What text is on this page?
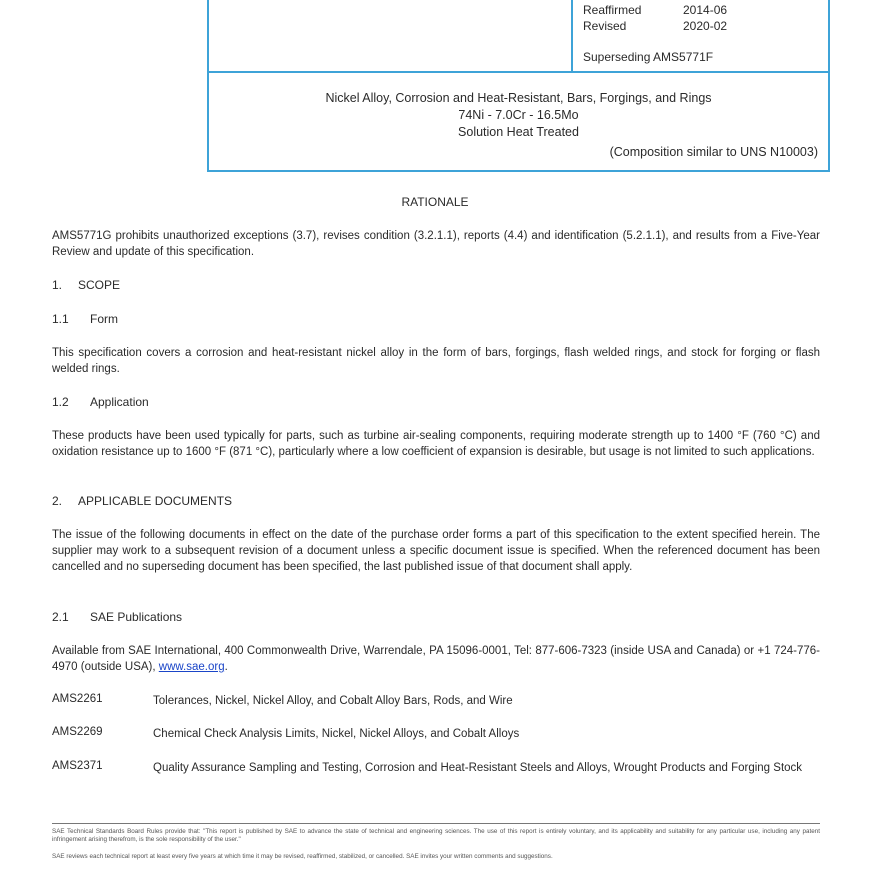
Reaffirmed	2014-06
Revised	2020-02
Superseding AMS5771F
Nickel Alloy, Corrosion and Heat-Resistant, Bars, Forgings, and Rings
74Ni - 7.0Cr - 16.5Mo
Solution Heat Treated
(Composition similar to UNS N10003)
RATIONALE
AMS5771G prohibits unauthorized exceptions (3.7), revises condition (3.2.1.1), reports (4.4) and identification (5.2.1.1), and results from a Five-Year Review and update of this specification.
1. SCOPE
1.1 Form
This specification covers a corrosion and heat-resistant nickel alloy in the form of bars, forgings, flash welded rings, and stock for forging or flash welded rings.
1.2 Application
These products have been used typically for parts, such as turbine air-sealing components, requiring moderate strength up to 1400 °F (760 °C) and oxidation resistance up to 1600 °F (871 °C), particularly where a low coefficient of expansion is desirable, but usage is not limited to such applications.
2. APPLICABLE DOCUMENTS
The issue of the following documents in effect on the date of the purchase order forms a part of this specification to the extent specified herein. The supplier may work to a subsequent revision of a document unless a specific document issue is specified. When the referenced document has been cancelled and no superseding document has been specified, the last published issue of that document shall apply.
2.1 SAE Publications
Available from SAE International, 400 Commonwealth Drive, Warrendale, PA 15096-0001, Tel: 877-606-7323 (inside USA and Canada) or +1 724-776-4970 (outside USA), www.sae.org.
AMS2261	Tolerances, Nickel, Nickel Alloy, and Cobalt Alloy Bars, Rods, and Wire
AMS2269	Chemical Check Analysis Limits, Nickel, Nickel Alloys, and Cobalt Alloys
AMS2371	Quality Assurance Sampling and Testing, Corrosion and Heat-Resistant Steels and Alloys, Wrought Products and Forging Stock
SAE Technical Standards Board Rules provide that: "This report is published by SAE to advance the state of technical and engineering sciences. The use of this report is entirely voluntary, and its applicability and suitability for any particular use, including any patent infringement arising therefrom, is the sole responsibility of the user."
SAE reviews each technical report at least every five years at which time it may be revised, reaffirmed, stabilized, or cancelled. SAE invites your written comments and suggestions.
